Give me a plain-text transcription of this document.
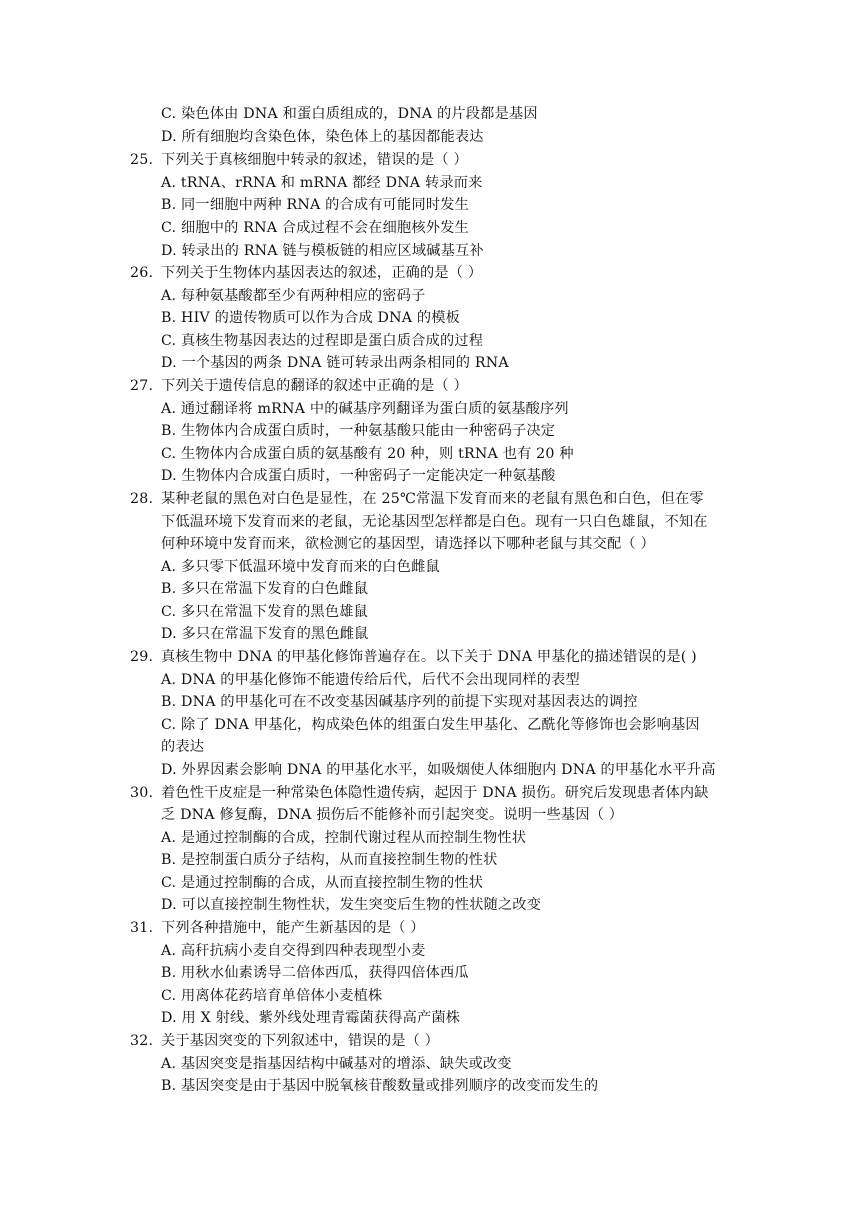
C. 染色体由 DNA 和蛋白质组成的，DNA 的片段都是基因
D. 所有细胞均含染色体，染色体上的基因都能表达
25. 下列关于真核细胞中转录的叙述，错误的是（ ）
A. tRNA、rRNA 和 mRNA 都经 DNA 转录而来
B. 同一细胞中两种 RNA 的合成有可能同时发生
C. 细胞中的 RNA 合成过程不会在细胞核外发生
D. 转录出的 RNA 链与模板链的相应区域碱基互补
26. 下列关于生物体内基因表达的叙述，正确的是（ ）
A. 每种氨基酸都至少有两种相应的密码子
B. HIV 的遗传物质可以作为合成 DNA 的模板
C. 真核生物基因表达的过程即是蛋白质合成的过程
D. 一个基因的两条 DNA 链可转录出两条相同的 RNA
27. 下列关于遗传信息的翻译的叙述中正确的是（ ）
A. 通过翻译将 mRNA 中的碱基序列翻译为蛋白质的氨基酸序列
B. 生物体内合成蛋白质时，一种氨基酸只能由一种密码子决定
C. 生物体内合成蛋白质的氨基酸有 20 种，则 tRNA 也有 20 种
D. 生物体内合成蛋白质时，一种密码子一定能决定一种氨基酸
28. 某种老鼠的黑色对白色是显性，在 25℃常温下发育而来的老鼠有黑色和白色，但在零
下低温环境下发育而来的老鼠，无论基因型怎样都是白色。现有一只白色雄鼠，不知在
何种环境中发育而来，欲检测它的基因型，请选择以下哪种老鼠与其交配（ ）
A. 多只零下低温环境中发育而来的白色雌鼠
B. 多只在常温下发育的白色雌鼠
C. 多只在常温下发育的黑色雄鼠
D. 多只在常温下发育的黑色雌鼠
29. 真核生物中 DNA 的甲基化修饰普遍存在。以下关于 DNA 甲基化的描述错误的是( )
A. DNA 的甲基化修饰不能遗传给后代，后代不会出现同样的表型
B. DNA 的甲基化可在不改变基因碱基序列的前提下实现对基因表达的调控
C. 除了 DNA 甲基化，构成染色体的组蛋白发生甲基化、乙酰化等修饰也会影响基因
的表达
D. 外界因素会影响 DNA 的甲基化水平，如吸烟使人体细胞内 DNA 的甲基化水平升高
30. 着色性干皮症是一种常染色体隐性遗传病，起因于 DNA 损伤。研究后发现患者体内缺
乏 DNA 修复酶，DNA 损伤后不能修补而引起突变。说明一些基因（ ）
A. 是通过控制酶的合成，控制代谢过程从而控制生物性状
B. 是控制蛋白质分子结构，从而直接控制生物的性状
C. 是通过控制酶的合成，从而直接控制生物的性状
D. 可以直接控制生物性状，发生突变后生物的性状随之改变
31. 下列各种措施中，能产生新基因的是（ ）
A. 高秆抗病小麦自交得到四种表现型小麦
B. 用秋水仙素诱导二倍体西瓜，获得四倍体西瓜
C. 用离体花药培育单倍体小麦植株
D. 用 X 射线、紫外线处理青霉菌获得高产菌株
32. 关于基因突变的下列叙述中，错误的是（ ）
A. 基因突变是指基因结构中碱基对的增添、缺失或改变
B. 基因突变是由于基因中脱氧核苷酸数量或排列顺序的改变而发生的
